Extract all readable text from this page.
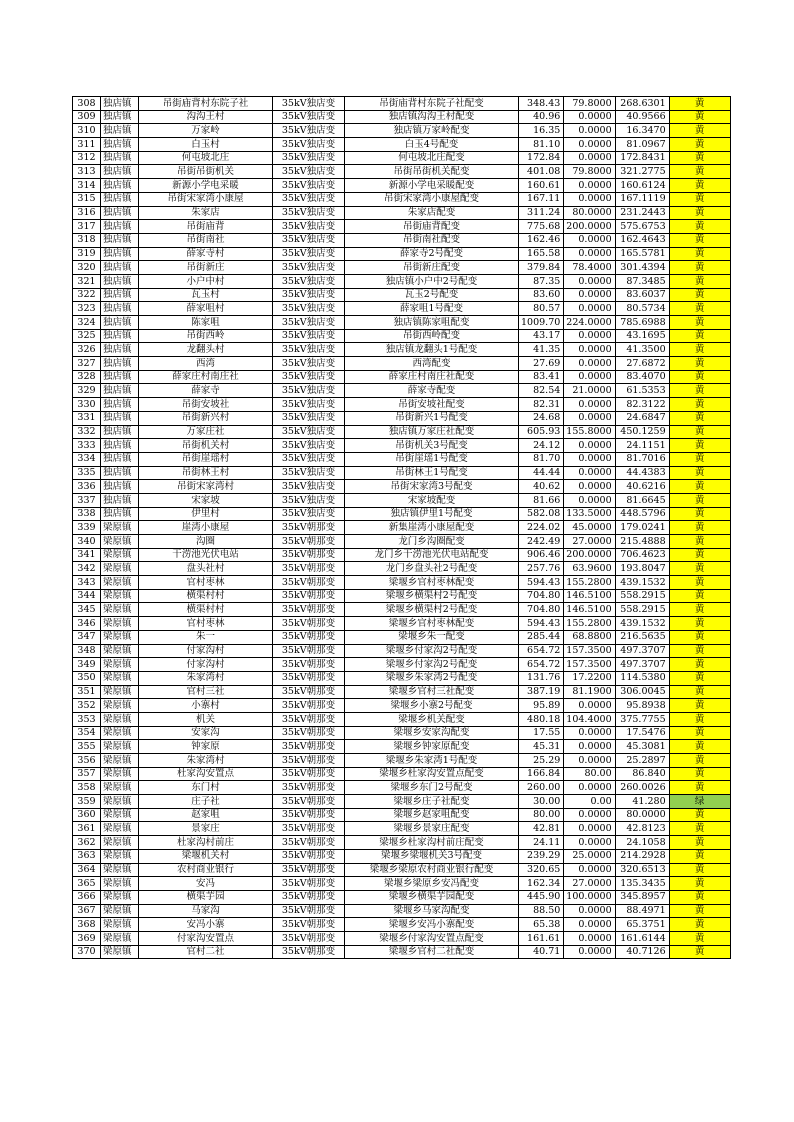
308	独店镇	吊街庙背村东院子社	35kV独店变	吊街庙背村东院子社配变	348.43	79.8000	268.6301	黄
309	独店镇	沟沟王村	35kV独店变	独店镇沟沟王村配变	40.96	0.0000	40.9566	黄
310	独店镇	万家岭	35kV独店变	独店镇万家岭配变	16.35	0.0000	16.3470	黄
311	独店镇	白玉村	35kV独店变	白玉4号配变	81.10	0.0000	81.0967	黄
312	独店镇	何屯坡北庄	35kV独店变	何屯坡北庄配变	172.84	0.0000	172.8431	黄
313	独店镇	吊街吊街机关	35kV独店变	吊街吊街机关配变	401.08	79.8000	321.2775	黄
314	独店镇	新源小学电采暖	35kV独店变	新源小学电采暖配变	160.61	0.0000	160.6124	黄
315	独店镇	吊街宋家湾小康屋	35kV独店变	吊街宋家湾小康屋配变	167.11	0.0000	167.1119	黄
316	独店镇	朱家店	35kV独店变	朱家店配变	311.24	80.0000	231.2443	黄
317	独店镇	吊街庙背	35kV独店变	吊街庙背配变	775.68	200.0000	575.6753	黄
318	独店镇	吊街南社	35kV独店变	吊街南社配变	162.46	0.0000	162.4643	黄
319	独店镇	薛家寺村	35kV独店变	薛家寺2号配变	165.58	0.0000	165.5781	黄
320	独店镇	吊街新庄	35kV独店变	吊街新庄配变	379.84	78.4000	301.4394	黄
321	独店镇	小户中村	35kV独店变	独店镇小户中2号配变	87.35	0.0000	87.3485	黄
322	独店镇	瓦玉村	35kV独店变	瓦玉2号配变	83.60	0.0000	83.6037	黄
323	独店镇	薛家咀村	35kV独店变	薛家咀1号配变	80.57	0.0000	80.5734	黄
324	独店镇	陈家咀	35kV独店变	独店镇陈家咀配变	1009.70	224.0000	785.6988	黄
325	独店镇	吊街西岭	35kV独店变	吊街西岭配变	43.17	0.0000	43.1695	黄
326	独店镇	龙翻头村	35kV独店变	独店镇龙翻头1号配变	41.35	0.0000	41.3500	黄
327	独店镇	西湾	35kV独店变	西湾配变	27.69	0.0000	27.6872	黄
328	独店镇	薛家庄村南庄社	35kV独店变	薛家庄村南庄社配变	83.41	0.0000	83.4070	黄
329	独店镇	薛家寺	35kV独店变	薛家寺配变	82.54	21.0000	61.5353	黄
330	独店镇	吊街安坡社	35kV独店变	吊街安坡社配变	82.31	0.0000	82.3122	黄
331	独店镇	吊街新兴村	35kV独店变	吊街新兴1号配变	24.68	0.0000	24.6847	黄
332	独店镇	万家庄社	35kV独店变	独店镇万家庄社配变	605.93	155.8000	450.1259	黄
333	独店镇	吊街机关村	35kV独店变	吊街机关3号配变	24.12	0.0000	24.1151	黄
334	独店镇	吊街崖瑶村	35kV独店变	吊街崖瑶1号配变	81.70	0.0000	81.7016	黄
335	独店镇	吊街林王村	35kV独店变	吊街林王1号配变	44.44	0.0000	44.4383	黄
336	独店镇	吊街宋家湾村	35kV独店变	吊街宋家湾3号配变	40.62	0.0000	40.6216	黄
337	独店镇	宋家坡	35kV独店变	宋家坡配变	81.66	0.0000	81.6645	黄
338	独店镇	伊里村	35kV独店变	独店镇伊里1号配变	582.08	133.5000	448.5796	黄
339	梁原镇	崖湾小康屋	35kV朝那变	新集崖湾小康屋配变	224.02	45.0000	179.0241	黄
340	梁原镇	沟圈	35kV朝那变	龙门乡沟圈配变	242.49	27.0000	215.4888	黄
341	梁原镇	干涝池光伏电站	35kV朝那变	龙门乡干涝池光伏电站配变	906.46	200.0000	706.4623	黄
342	梁原镇	盘头社村	35kV朝那变	龙门乡盘头社2号配变	257.76	63.9600	193.8047	黄
343	梁原镇	官村枣林	35kV朝那变	梁堰乡官村枣林配变	594.43	155.2800	439.1532	黄
344	梁原镇	横渠村村	35kV朝那变	梁堰乡横渠村2号配变	704.80	146.5100	558.2915	黄
345	梁原镇	横渠村村	35kV朝那变	梁堰乡横渠村2号配变	704.80	146.5100	558.2915	黄
346	梁原镇	官村枣林	35kV朝那变	梁堰乡官村枣林配变	594.43	155.2800	439.1532	黄
347	梁原镇	朱一	35kV朝那变	梁堰乡朱一配变	285.44	68.8800	216.5635	黄
348	梁原镇	付家沟村	35kV朝那变	梁堰乡付家沟2号配变	654.72	157.3500	497.3707	黄
349	梁原镇	付家沟村	35kV朝那变	梁堰乡付家沟2号配变	654.72	157.3500	497.3707	黄
350	梁原镇	朱家湾村	35kV朝那变	梁堰乡朱家湾2号配变	131.76	17.2200	114.5380	黄
351	梁原镇	官村三社	35kV朝那变	梁堰乡官村三社配变	387.19	81.1900	306.0045	黄
352	梁原镇	小寨村	35kV朝那变	梁堰乡小寨2号配变	95.89	0.0000	95.8938	黄
353	梁原镇	机关	35kV朝那变	梁堰乡机关配变	480.18	104.4000	375.7755	黄
354	梁原镇	安家沟	35kV朝那变	梁堰乡安家沟配变	17.55	0.0000	17.5476	黄
355	梁原镇	钟家原	35kV朝那变	梁堰乡钟家原配变	45.31	0.0000	45.3081	黄
356	梁原镇	朱家湾村	35kV朝那变	梁堰乡朱家湾1号配变	25.29	0.0000	25.2897	黄
357	梁原镇	杜家沟安置点	35kV朝那变	梁堰乡杜家沟安置点配变	166.84	80.00	86.840	黄
358	梁原镇	东门村	35kV朝那变	梁堰乡东门2号配变	260.00	0.0000	260.0026	黄
359	梁原镇	庄子社	35kV朝那变	梁堰乡庄子社配变	30.00	0.00	41.280	绿
360	梁原镇	赵家咀	35kV朝那变	梁堰乡赵家咀配变	80.00	0.0000	80.0000	黄
361	梁原镇	景家庄	35kV朝那变	梁堰乡景家庄配变	42.81	0.0000	42.8123	黄
362	梁原镇	杜家沟村前庄	35kV朝那变	梁堰乡杜家沟村前庄配变	24.11	0.0000	24.1058	黄
363	梁原镇	梁堰机关村	35kV朝那变	梁堰乡梁堰机关3号配变	239.29	25.0000	214.2928	黄
364	梁原镇	农村商业银行	35kV朝那变	梁堰乡梁原农村商业银行配变	320.65	0.0000	320.6513	黄
365	梁原镇	安冯	35kV朝那变	梁堰乡梁原乡安冯配变	162.34	27.0000	135.3435	黄
366	梁原镇	横渠芋园	35kV朝那变	梁堰乡横渠芋园配变	445.90	100.0000	345.8957	黄
367	梁原镇	马家沟	35kV朝那变	梁堰乡马家沟配变	88.50	0.0000	88.4971	黄
368	梁原镇	安冯小寨	35kV朝那变	梁堰乡安冯小寨配变	65.38	0.0000	65.3751	黄
369	梁原镇	付家沟安置点	35kV朝那变	梁堰乡付家沟安置点配变	161.61	0.0000	161.6144	黄
370	梁原镇	官村二社	35kV朝那变	梁堰乡官村二社配变	40.71	0.0000	40.7126	黄
